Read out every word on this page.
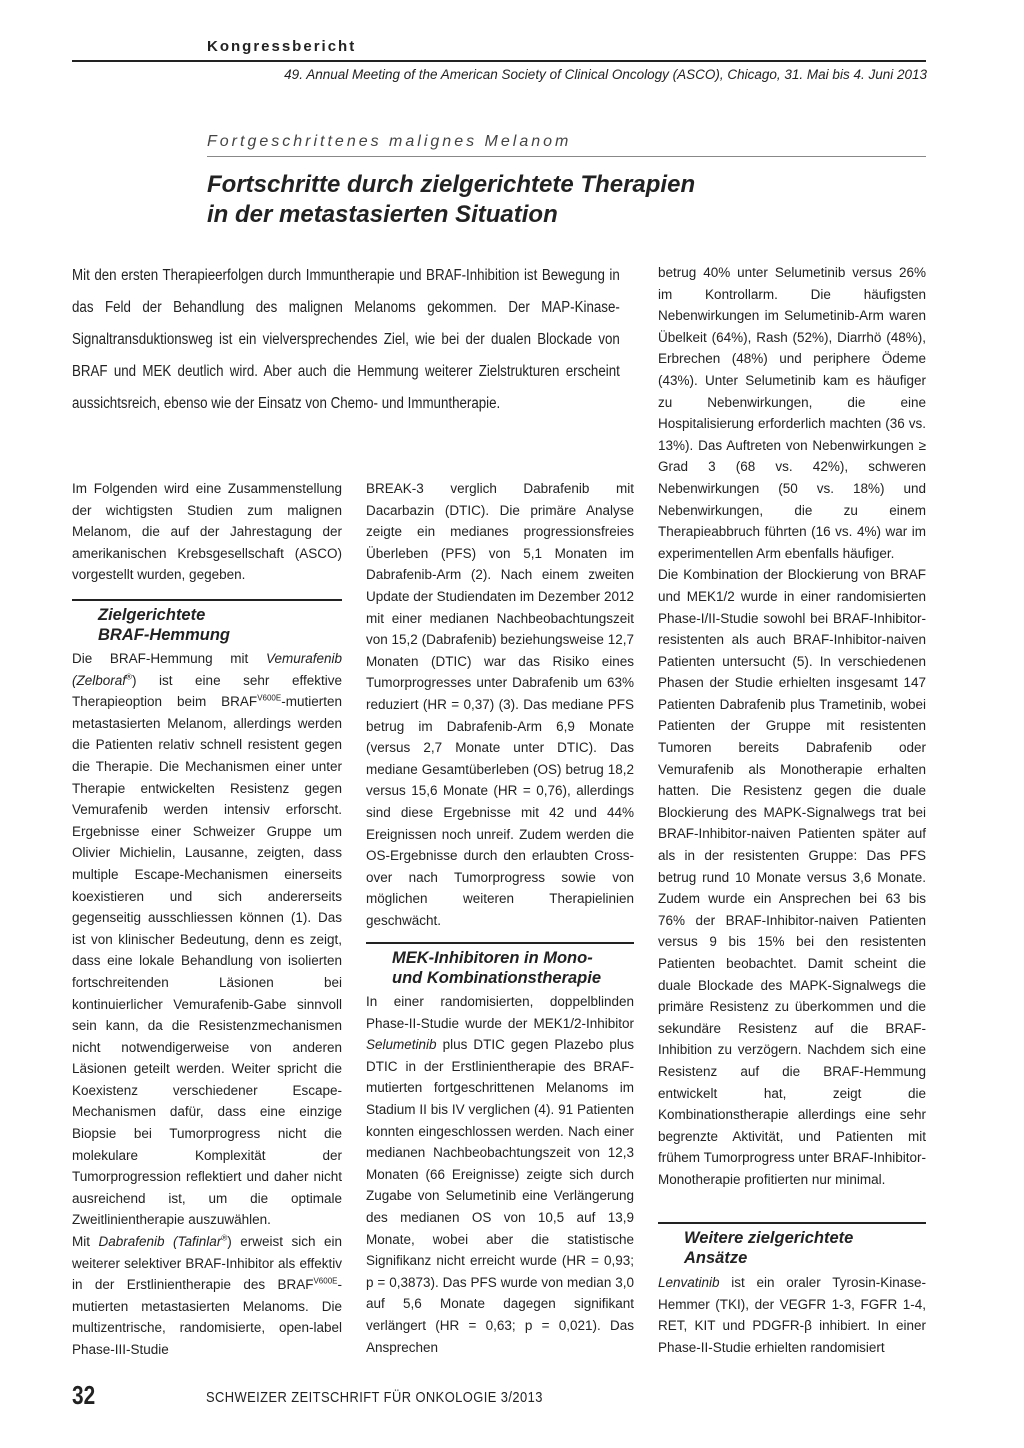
Kongressbericht
49. Annual Meeting of the American Society of Clinical Oncology (ASCO), Chicago, 31. Mai bis 4. Juni 2013
Fortgeschrittenes malignes Melanom
Fortschritte durch zielgerichtete Therapien
in der metastasierten Situation
Mit den ersten Therapieerfolgen durch Immuntherapie und BRAF-Inhibition ist Bewegung in das Feld der Behandlung des malignen Melanoms gekommen. Der MAP-Kinase-Signaltransduktionsweg ist ein vielversprechendes Ziel, wie bei der dualen Blockade von BRAF und MEK deutlich wird. Aber auch die Hemmung weiterer Zielstrukturen erscheint aussichtsreich, ebenso wie der Einsatz von Chemo- und Immuntherapie.

Im Folgenden wird eine Zusammenstellung der wichtigsten Studien zum malignen Melanom, die auf der Jahrestagung der amerikanischen Krebsgesellschaft (ASCO) vorgestellt wurden, gegeben.

Zielgerichtete
BRAF-Hemmung

Die BRAF-Hemmung mit Vemurafenib (Zelboraf®) ist eine sehr effektive Therapieoption beim $BRAF^{V600E}$-mutierten metastasierten Melanom, allerdings werden die Patienten relativ schnell resistent gegen die Therapie. Die Mechanismen einer unter Therapie entwickelten Resistenz gegen Vemurafenib werden intensiv erforscht. Ergebnisse einer Schweizer Gruppe um Olivier Michielin, Lausanne, zeigten, dass multiple Escape-Mechanismen einerseits koexistieren und sich andererseits gegenseitig ausschliessen können (1). Das ist von klinischer Bedeutung, denn es zeigt, dass eine lokale Behandlung von isolierten fortschreitenden Läsionen bei kontinuierlicher Vemurafenib-Gabe sinnvoll sein kann, da die Resistenzmechanismen nicht notwendigerweise von anderen Läsionen geteilt werden. Weiter spricht die Koexistenz verschiedener Escape-Mechanismen dafür, dass eine einzige Biopsie bei Tumorprogress nicht die molekulare Komplexität der Tumorprogression reflektiert und daher nicht ausreichend ist, um die optimale Zweitlinientherapie auszuwählen.

Mit Dabrafenib (Tafinlar®) erweist sich ein weiterer selektiver BRAF-Inhibitor als effektiv in der Erstlinientherapie des $BRAF^{V600E}$-mutierten metastasierten Melanoms. Die multizentrische, randomisierte, open-label Phase-III-Studie

BREAK-3 verglich Dabrafenib mit Dacarbazin (DTIC). Die primäre Analyse zeigte ein medianes progressionsfreies Überleben (PFS) von 5,1 Monaten im Dabrafenib-Arm (2). Nach einem zweiten Update der Studiendaten im Dezember 2012 mit einer medianen Nachbeobachtungszeit von 15,2 (Dabrafenib) beziehungsweise 12,7 Monaten (DTIC) war das Risiko eines Tumorprogresses unter Dabrafenib um 63% reduziert (HR = 0,37) (3). Das mediane PFS betrug im Dabrafenib-Arm 6,9 Monate (versus 2,7 Monate unter DTIC). Das mediane Gesamtüberleben (OS) betrug 18,2 versus 15,6 Monate (HR = 0,76), allerdings sind diese Ergebnisse mit 42 und 44% Ereignissen noch unreif. Zudem werden die OS-Ergebnisse durch den erlaubten Cross-over nach Tumorprogress sowie von möglichen weiteren Therapielinien geschwächt.

MEK-Inhibitoren in Mono-
und Kombinationstherapie

In einer randomisierten, doppelblinden Phase-II-Studie wurde der MEK1/2-Inhibitor Selumetinib plus DTIC gegen Plazebo plus DTIC in der Erstlinientherapie des BRAF-mutierten fortgeschrittenen Melanoms im Stadium II bis IV verglichen (4). 91 Patienten konnten eingeschlossen werden. Nach einer medianen Nachbeobachtungszeit von 12,3 Monaten (66 Ereignisse) zeigte sich durch Zugabe von Selumetinib eine Verlängerung des medianen OS von 10,5 auf 13,9 Monate, wobei aber die statistische Signifikanz nicht erreicht wurde (HR = 0,93; p = 0,3873). Das PFS wurde von median 3,0 auf 5,6 Monate dagegen signifikant verlängert (HR = 0,63; p = 0,021). Das Ansprechen

betrug 40% unter Selumetinib versus 26% im Kontrollarm. Die häufigsten Nebenwirkungen im Selumetinib-Arm waren Übelkeit (64%), Rash (52%), Diarrhö (48%), Erbrechen (48%) und periphere Ödeme (43%). Unter Selumetinib kam es häufiger zu Nebenwirkungen, die eine Hospitalisierung erforderlich machten (36 vs. 13%). Das Auftreten von Nebenwirkungen ≥ Grad 3 (68 vs. 42%), schweren Nebenwirkungen (50 vs. 18%) und Nebenwirkungen, die zu einem Therapieabbruch führten (16 vs. 4%) war im experimentellen Arm ebenfalls häufiger.

Die Kombination der Blockierung von BRAF und MEK1/2 wurde in einer randomisierten Phase-I/II-Studie sowohl bei BRAF-Inhibitor-resistenten als auch BRAF-Inhibitor-naiven Patienten untersucht (5). In verschiedenen Phasen der Studie erhielten insgesamt 147 Patienten Dabrafenib plus Trametinib, wobei Patienten der Gruppe mit resistenten Tumoren bereits Dabrafenib oder Vemurafenib als Monotherapie erhalten hatten. Die Resistenz gegen die duale Blockierung des MAPK-Signalwegs trat bei BRAF-Inhibitor-naiven Patienten später auf als in der resistenten Gruppe: Das PFS betrug rund 10 Monate versus 3,6 Monate. Zudem wurde ein Ansprechen bei 63 bis 76% der BRAF-Inhibitor-naiven Patienten versus 9 bis 15% bei den resistenten Patienten beobachtet. Damit scheint die duale Blockade des MAPK-Signalwegs die primäre Resistenz zu überkommen und die sekundäre Resistenz auf die BRAF-Inhibition zu verzögern. Nachdem sich eine Resistenz auf die BRAF-Hemmung entwickelt hat, zeigt die Kombinationstherapie allerdings eine sehr begrenzte Aktivität, und Patienten mit frühem Tumorprogress unter BRAF-Inhibitor-Monotherapie profitierten nur minimal.

Weitere zielgerichtete
Ansätze

Lenvatinib ist ein oraler Tyrosin-Kinase-Hemmer (TKI), der VEGFR 1-3, FGFR 1-4, RET, KIT und PDGFR-β inhibiert. In einer Phase-II-Studie erhielten randomisiert

32	SCHWEIZER ZEITSCHRIFT FÜR ONKOLOGIE 3/2013
